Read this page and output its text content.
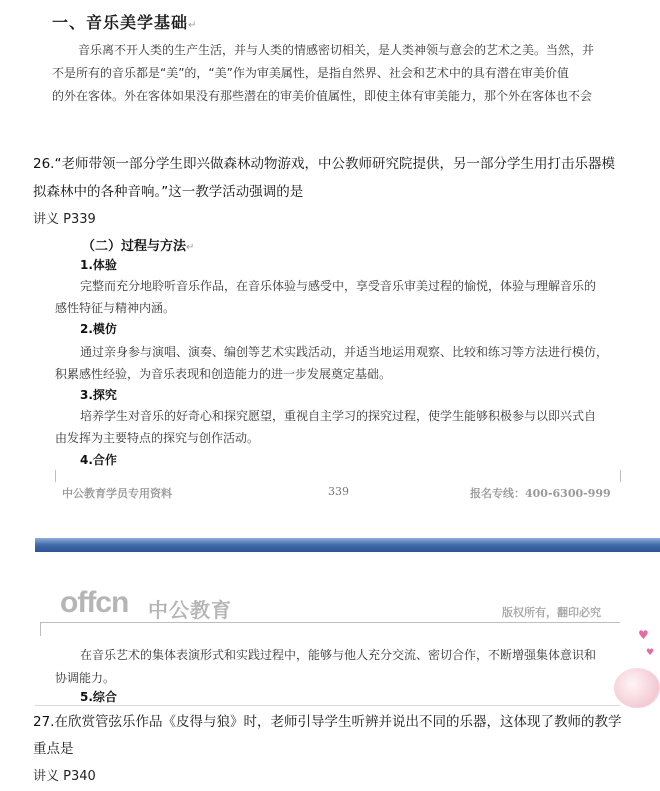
一、音乐美学基础↵
音乐离不开人类的生产生活，并与人类的情感密切相关，是人类神领与意会的艺术之美。当然，并
不是所有的音乐都是“美”的，“美”作为审美属性，是指自然界、社会和艺术中的具有潜在审美价值
的外在客体。外在客体如果没有那些潜在的审美价值属性，即使主体有审美能力，那个外在客体也不会
26.“老师带领一部分学生即兴做森林动物游戏，中公教师研究院提供，另一部分学生用打击乐器模
拟森林中的各种音响。”这一教学活动强调的是
讲义 P339
（二）过程与方法↵
1.体验
完整而充分地聆听音乐作品，在音乐体验与感受中，享受音乐审美过程的愉悦，体验与理解音乐的
感性特征与精神内涵。
2.模仿
通过亲身参与演唱、演奏、编创等艺术实践活动，并适当地运用观察、比较和练习等方法进行模仿，
积累感性经验，为音乐表现和创造能力的进一步发展奠定基础。
3.探究
培养学生对音乐的好奇心和探究愿望，重视自主学习的探究过程，使学生能够积极参与以即兴式自
由发挥为主要特点的探究与创作活动。
4.合作
中公教育学员专用资料	339	报名专线：400-6300-999
offcn 中公教育	版权所有，翻印必究
♥
♥
在音乐艺术的集体表演形式和实践过程中，能够与他人充分交流、密切合作，不断增强集体意识和
协调能力。
5.综合
27.在欣赏管弦乐作品《皮得与狼》时，老师引导学生听辨并说出不同的乐器，这体现了教师的教学
重点是
讲义 P340
